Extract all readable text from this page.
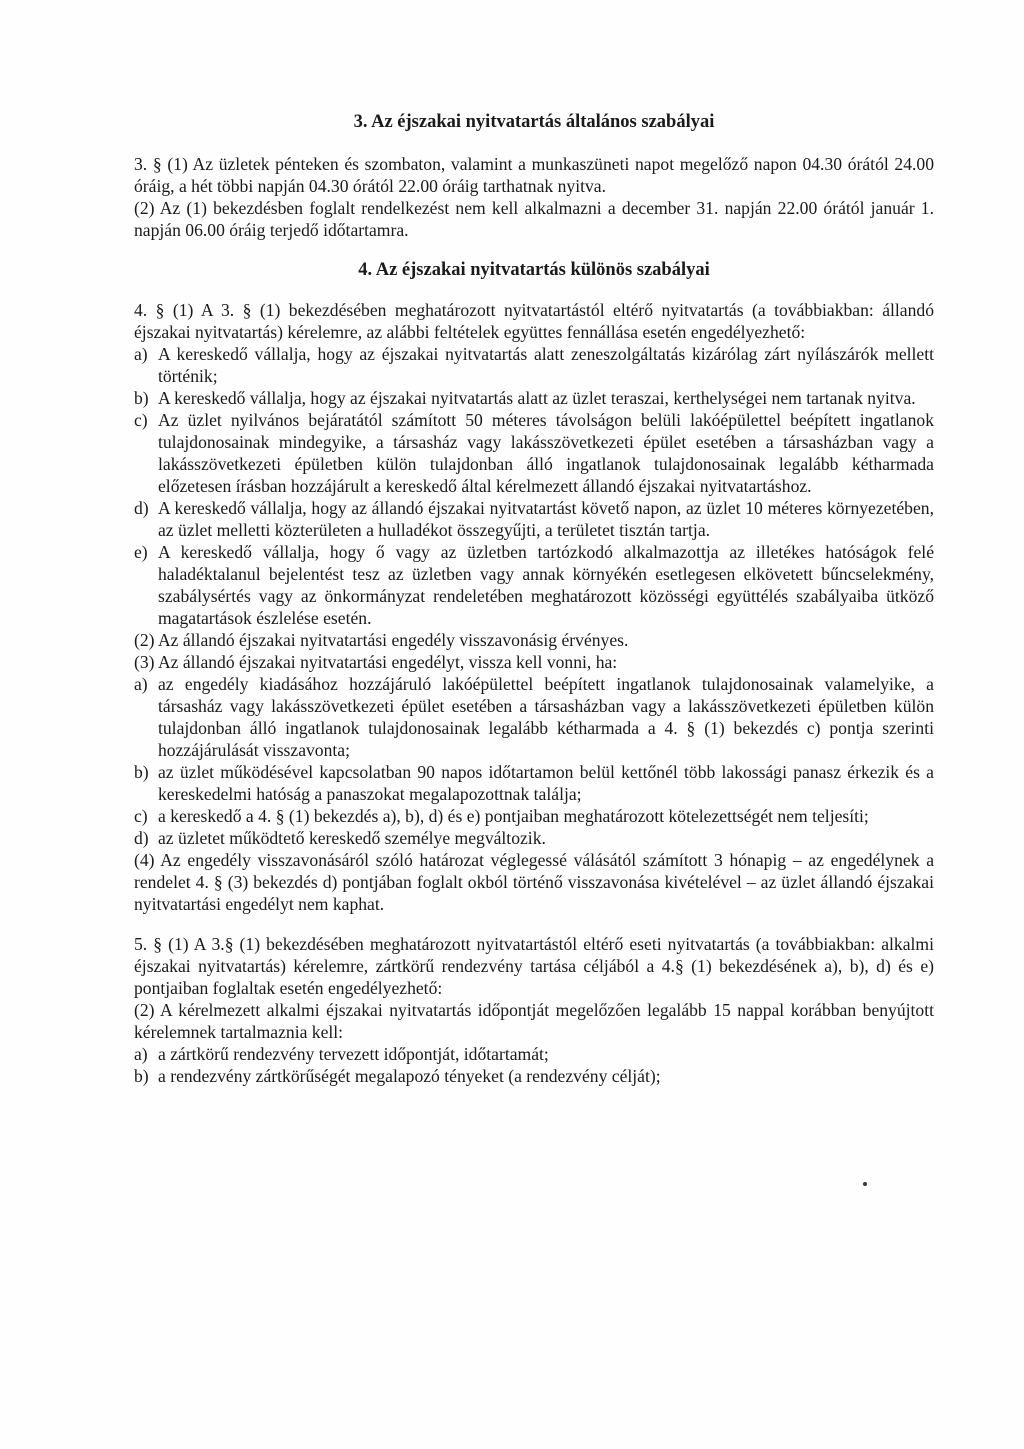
3. Az éjszakai nyitvatartás általános szabályai

3. § (1) Az üzletek pénteken és szombaton, valamint a munkaszüneti napot megelőző napon 04.30 órától 24.00 óráig, a hét többi napján 04.30 órától 22.00 óráig tarthatnak nyitva.

(2) Az (1) bekezdésben foglalt rendelkezést nem kell alkalmazni a december 31. napján 22.00 órától január 1. napján 06.00 óráig terjedő időtartamra.

4. Az éjszakai nyitvatartás különös szabályai

4. § (1) A 3. § (1) bekezdésében meghatározott nyitvatartástól eltérő nyitvatartás (a továbbiakban: állandó éjszakai nyitvatartás) kérelemre, az alábbi feltételek együttes fennállása esetén engedélyezhető:

a) A kereskedő vállalja, hogy az éjszakai nyitvatartás alatt zeneszolgáltatás kizárólag zárt nyílászárók mellett történik;
b) A kereskedő vállalja, hogy az éjszakai nyitvatartás alatt az üzlet teraszai, kerthelységei nem tartanak nyitva.
c) Az üzlet nyilvános bejáratától számított 50 méteres távolságon belüli lakóépülettel beépített ingatlanok tulajdonosainak mindegyike, a társasház vagy lakásszövetkezeti épület esetében a társasházban vagy a lakásszövetkezeti épületben külön tulajdonban álló ingatlanok tulajdonosainak legalább kétharmada előzetesen írásban hozzájárult a kereskedő által kérelmezett állandó éjszakai nyitvatartáshoz.
d) A kereskedő vállalja, hogy az állandó éjszakai nyitvatartást követő napon, az üzlet 10 méteres környezetében, az üzlet melletti közterületen a hulladékot összegyűjti, a területet tisztán tartja.
e) A kereskedő vállalja, hogy ő vagy az üzletben tartózkodó alkalmazottja az illetékes hatóságok felé haladéktalanul bejelentést tesz az üzletben vagy annak környékén esetlegesen elkövetett bűncselekmény, szabálysértés vagy az önkormányzat rendeletében meghatározott közösségi együttélés szabályaiba ütköző magatartások észlelése esetén.

(2) Az állandó éjszakai nyitvatartási engedély visszavonásig érvényes.

(3) Az állandó éjszakai nyitvatartási engedélyt, vissza kell vonni, ha:

a) az engedély kiadásához hozzájáruló lakóépülettel beépített ingatlanok tulajdonosainak valamelyike, a társasház vagy lakásszövetkezeti épület esetében a társasházban vagy a lakásszövetkezeti épületben külön tulajdonban álló ingatlanok tulajdonosainak legalább kétharmada a 4. § (1) bekezdés c) pontja szerinti hozzájárulását visszavonta;
b) az üzlet működésével kapcsolatban 90 napos időtartamon belül kettőnél több lakossági panasz érkezik és a kereskedelmi hatóság a panaszokat megalapozottnak találja;
c) a kereskedő a 4. § (1) bekezdés a), b), d) és e) pontjaiban meghatározott kötelezettségét nem teljesíti;
d) az üzletet működtető kereskedő személye megváltozik.

(4) Az engedély visszavonásáról szóló határozat véglegessé válásától számított 3 hónapig – az engedélynek a rendelet 4. § (3) bekezdés d) pontjában foglalt okból történő visszavonása kivételével – az üzlet állandó éjszakai nyitvatartási engedélyt nem kaphat.

5. § (1) A 3.§ (1) bekezdésében meghatározott nyitvatartástól eltérő eseti nyitvatartás (a továbbiakban: alkalmi éjszakai nyitvatartás) kérelemre, zártkörű rendezvény tartása céljából a 4.§ (1) bekezdésének a), b), d) és e) pontjaiban foglaltak esetén engedélyezhető:

(2) A kérelmezett alkalmi éjszakai nyitvatartás időpontját megelőzően legalább 15 nappal korábban benyújtott kérelemnek tartalmaznia kell:

a) a zártkörű rendezvény tervezett időpontját, időtartamát;
b) a rendezvény zártkörűségét megalapozó tényeket (a rendezvény célját);
